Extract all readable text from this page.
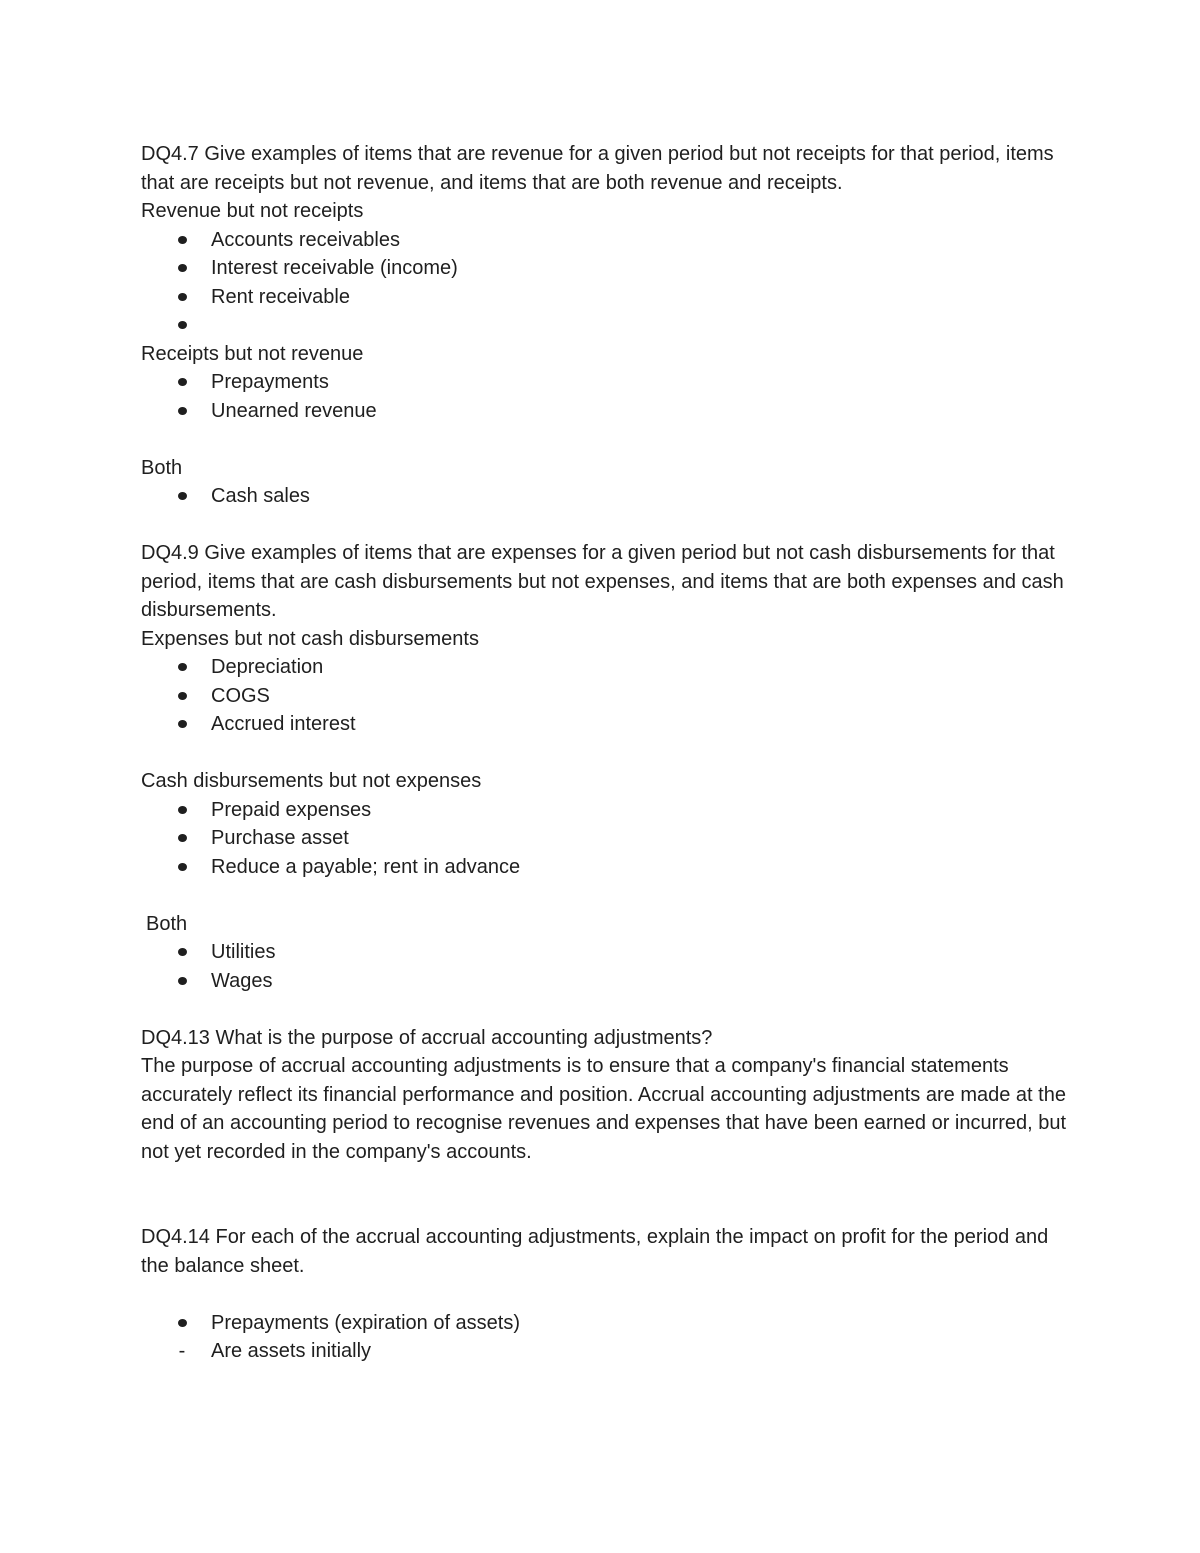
DQ4.7 Give examples of items that are revenue for a given period but not receipts for that period, items that are receipts but not revenue, and items that are both revenue and receipts.

Revenue but not receipts

Accounts receivables
Interest receivable (income)
Rent receivable

Receipts but not revenue

Prepayments
Unearned revenue

Both

Cash sales

DQ4.9 Give examples of items that are expenses for a given period but not cash disbursements for that period, items that are cash disbursements but not expenses, and items that are both expenses and cash disbursements.

Expenses but not cash disbursements

Depreciation
COGS
Accrued interest

Cash disbursements but not expenses

Prepaid expenses
Purchase asset
Reduce a payable; rent in advance

Both

Utilities
Wages

DQ4.13 What is the purpose of accrual accounting adjustments?

The purpose of accrual accounting adjustments is to ensure that a company's financial statements accurately reflect its financial performance and position. Accrual accounting adjustments are made at the end of an accounting period to recognise revenues and expenses that have been earned or incurred, but not yet recorded in the company's accounts.

DQ4.14 For each of the accrual accounting adjustments, explain the impact on profit for the period and the balance sheet.

Prepayments (expiration of assets)
- Are assets initially
